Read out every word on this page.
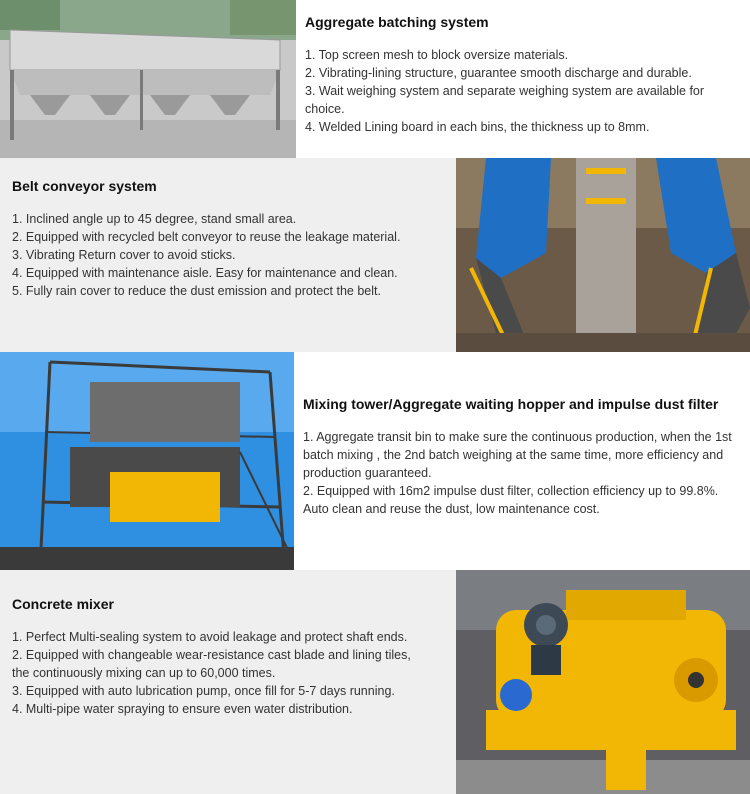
Aggregate batching system

1. Top screen mesh to block oversize materials.

2. Vibrating-lining structure, guarantee smooth discharge and durable.

3. Wait weighing system and separate weighing system are available for choice.

4. Welded Lining board in each bins, the thickness up to 8mm.

Belt conveyor system

1. Inclined angle up to 45 degree, stand small area.

2. Equipped with recycled belt conveyor to reuse the leakage material.

3. Vibrating Return cover to avoid sticks.

4. Equipped with maintenance aisle. Easy for maintenance and clean.

5. Fully rain cover to reduce the dust emission and protect the belt.

Mixing tower/Aggregate waiting hopper and impulse dust filter

1. Aggregate transit bin to make sure the continuous production, when the 1st batch mixing , the 2nd batch weighing at the same time, more efficiency and production guaranteed.

2. Equipped with 16m2 impulse dust filter, collection efficiency up to 99.8%. Auto clean and reuse the dust, low maintenance cost.

Concrete mixer

1. Perfect Multi-sealing system to avoid leakage and protect shaft ends.

2. Equipped with changeable wear-resistance cast blade and lining tiles, the continuously mixing can up to 60,000 times.

3. Equipped with auto lubrication pump, once fill for 5-7 days running.

4. Multi-pipe water spraying to ensure even water distribution.
